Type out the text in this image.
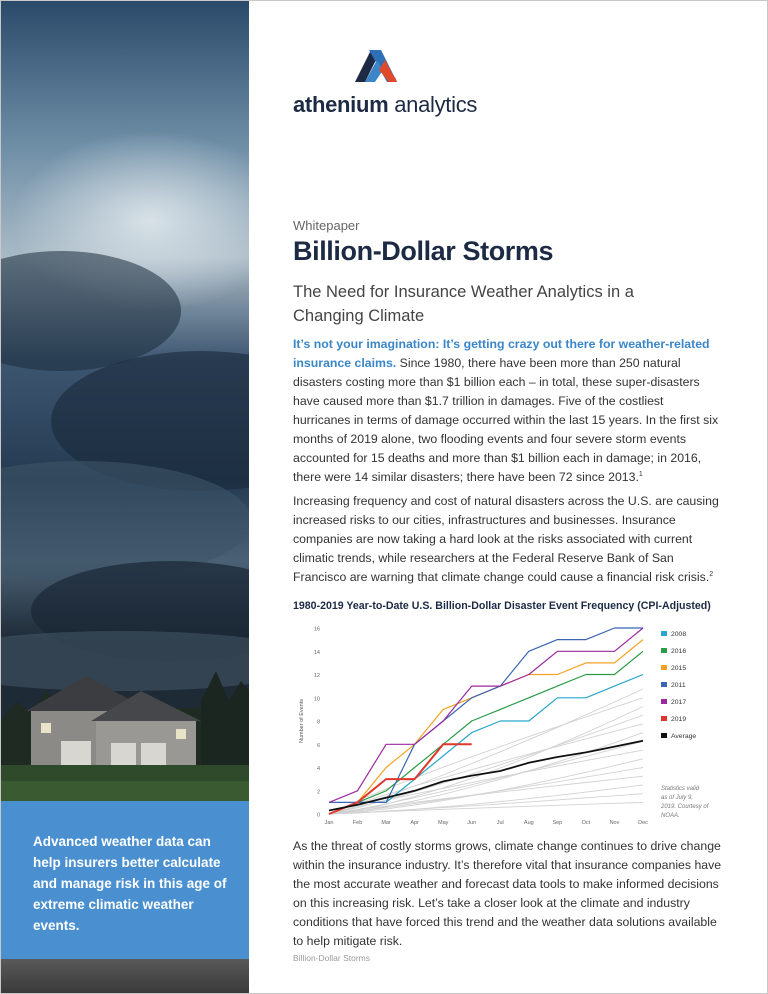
Advanced weather data can help insurers better calculate and manage risk in this age of extreme climatic weather events.

athenium analytics
Whitepaper
Billion-Dollar Storms
The Need for Insurance Weather Analytics in a Changing Climate

It’s not your imagination: It’s getting crazy out there for weather-related insurance claims. Since 1980, there have been more than 250 natural disasters costing more than $1 billion each – in total, these super-disasters have caused more than $1.7 trillion in damages. Five of the costliest hurricanes in terms of damage occurred within the last 15 years. In the first six months of 2019 alone, two flooding events and four severe storm events accounted for 15 deaths and more than $1 billion each in damage; in 2016, there were 14 similar disasters; there have been 72 since 2013.$^1$

Increasing frequency and cost of natural disasters across the U.S. are causing increased risks to our cities, infrastructures and businesses. Insurance companies are now taking a hard look at the risks associated with current climatic trends, while researchers at the Federal Reserve Bank of San Francisco are warning that climate change could cause a financial risk crisis.$^2$

1980-2019 Year-to-Date U.S. Billion-Dollar Disaster Event Frequency (CPI-Adjusted)
0
2
4
6
8
10
12
14
16
Jan	Feb	Mar	Apr	May	Jun	Jul	Aug	Sep	Oct	Nov	Dec
Number of Events
2008
2016
2015
2011
2017
2019
Average
Statistics valid
as of July 9,
2019. Courtesy of
NOAA.

As the threat of costly storms grows, climate change continues to drive change within the insurance industry. It’s therefore vital that insurance companies have the most accurate weather and forecast data tools to make informed decisions on this increasing risk. Let’s take a closer look at the climate and industry conditions that have forced this trend and the weather data solutions available to help mitigate risk.

Billion-Dollar Storms
